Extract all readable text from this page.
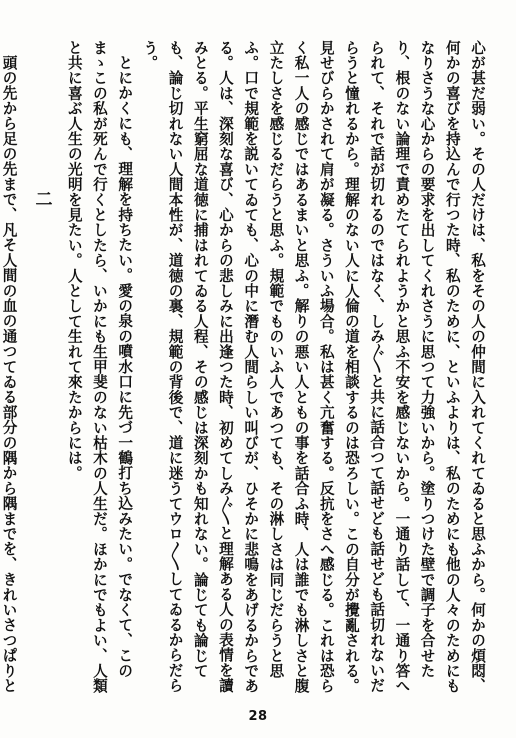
心が甚だ弱い。その人だけは、私をその人の仲間に入れてくれてゐると思ふから。何かの煩悶、何かの喜びを持込んで行つた時、私のために、といふよりは、私のためにも他の人々のためにもなりさうな心からの要求を出してくれさうに思つて力強いから。塗りつけた壁で調子を合せたり、根のない論理で責めたてられようかと思ふ不安を感じないから。一通り話して、一通り答へられて、それで話が切れるのではなく、しみ〴〵と共に話合つて話せども話せども話切れないだらうと憧れるから。理解のない人に人倫の道を相談するのは恐ろしい。この自分が攪亂される。見せびらかされて肩が凝る。さういふ場合。私は甚く亢奮する。反抗をさへ感じる。これは恐らく私一人の感じではあるまいと思ふ。解りの悪い人ともの事を話合ふ時、人は誰でも淋しさと腹立たしさを感じるだらうと思ふ。規範でものいふ人であつても、その淋しさは同じだらうと思ふ。口で規範を説いてゐても、心の中に潛む人間らしい叫びが、ひそかに悲鳴をあげるからである。人は、深刻な喜び、心からの悲しみに出逢つた時、初めてしみ〴〵と理解ある人の表情を讀みとる。平生窮屈な道徳に捕はれてゐる人程、その感じは深刻かも知れない。論じても論じても、論じ切れない人間本性が、道徳の裏、規範の背後で、道に迷うてウロ〳〵してゐるからだらう。

とにかくにも、理解を持ちたい。愛の泉の噴水口に先づ一鶴打ち込みたい。でなくて、このまゝこの私が死んで行くとしたら、いかにも生甲斐のない枯木の人生だ。ほかにでもよい、人類と共に喜ぶ人生の光明を見たい。人として生れて來たからには。

二

頭の先から足の先まで、凡そ人間の血の通つてゐる部分の隅から隅までを、きれいさつぱりと

28
